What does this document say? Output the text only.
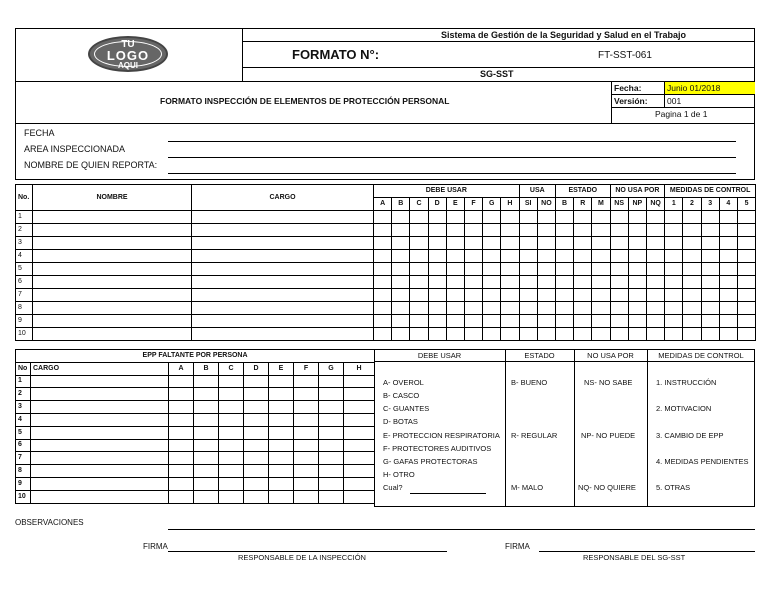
TU
LOGO
AQUI
Sistema de Gestión de la Seguridad y Salud en el Trabajo
FORMATO N°:	FT-SST-061
SG-SST
FORMATO INSPECCIÓN DE ELEMENTOS DE PROTECCIÓN PERSONAL
Fecha:	Junio 01/2018
Versión: 001
Pagina 1 de 1
FECHA
AREA INSPECCIONADA
NOMBRE DE QUIEN REPORTA:
No.	NOMBRE	CARGO	DEBE USAR								USA		ESTADO			NO USA POR			MEDIDAS DE CONTROL				
			A	B	C	D	E	F	G	H	SI	NO	B	R	M	NS	NP	NQ	1	2	3	4	5
1																							
2																							
3																							
4																							
5																							
6																							
7																							
8																							
9																							
10																							
EPP FALTANTE POR PERSONA									
No	CARGO	A	B	C	D	E	F	G	H
1									
2									
3									
4									
5									
6									
7									
8									
9									
10									
DEBE USAR	ESTADO	NO USA POR	MEDIDAS DE CONTROL
A- OVEROL
B- CASCO
C- GUANTES
D- BOTAS
E- PROTECCION RESPIRATORIA
F- PROTECTORES AUDITIVOS
G- GAFAS PROTECTORAS
H- OTRO
Cual?
B- BUENO
R- REGULAR
M- MALO
NS- NO SABE
NP- NO PUEDE
NQ- NO QUIERE
1. INSTRUCCIÓN
2. MOTIVACION
3. CAMBIO DE EPP
4. MEDIDAS PENDIENTES
5. OTRAS
OBSERVACIONES
FIRMA
RESPONSABLE DE LA INSPECCIÓN
FIRMA
RESPONSABLE DEL SG-SST
